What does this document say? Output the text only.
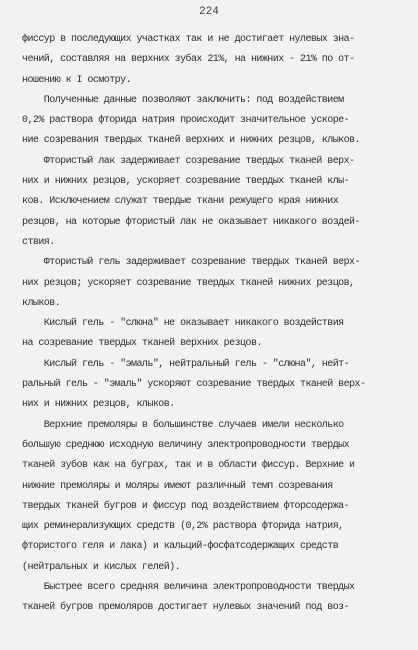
224
фиссур в последующих участках так и не достигает нулевых зна-
чений, составляя на верхних зубах 21%, на нижних - 21% по от-
ношению к I осмотру.
Полученные данные позволяют заключить: под воздействием
0,2% раствора фторида натрия происходит значительное ускоре-
ние созревания твердых тканей верхних и нижних резцов, клыков.
Фтористый лак задерживает созревание твердых тканей верх-
них и нижних резцов, ускоряет созревание твердых тканей клы-
ков. Исключением служат твердые ткани режущего края нижних
резцов, на которые фтористый лак не оказывает никакого воздей-
ствия.
Фтористый гель задерживает созревание твердых тканей верх-
них резцов; ускоряет созревание твердых тканей нижних резцов,
клыков.
Кислый гель - "слюна" не оказывает никакого воздействия
на созревание твердых тканей верхних резцов.
Кислый гель - "эмаль", нейтральный гель - "слюна", нейт-
ральный гель - "эмаль" ускоряют созревание твердых тканей верх-
них и нижних резцов, клыков.
Верхние премоляры в большинстве случаев имели несколько
большую среднюю исходную величину электропроводности твердых
тканей зубов как на буграх, так и в области фиссур. Верхние и
нижние премоляры и моляры имеют различный темп созревания
твердых тканей бугров и фиссур под воздействием фторсодержа-
щих реминерализующих средств (0,2% раствора фторида натрия,
фтористого геля и лака) и кальций-фосфатсодержащих средств
(нейтральных и кислых гелей).
Быстрее всего средняя величина электропроводности твердых
тканей бугров премоляров достигает нулевых значений под воз-
